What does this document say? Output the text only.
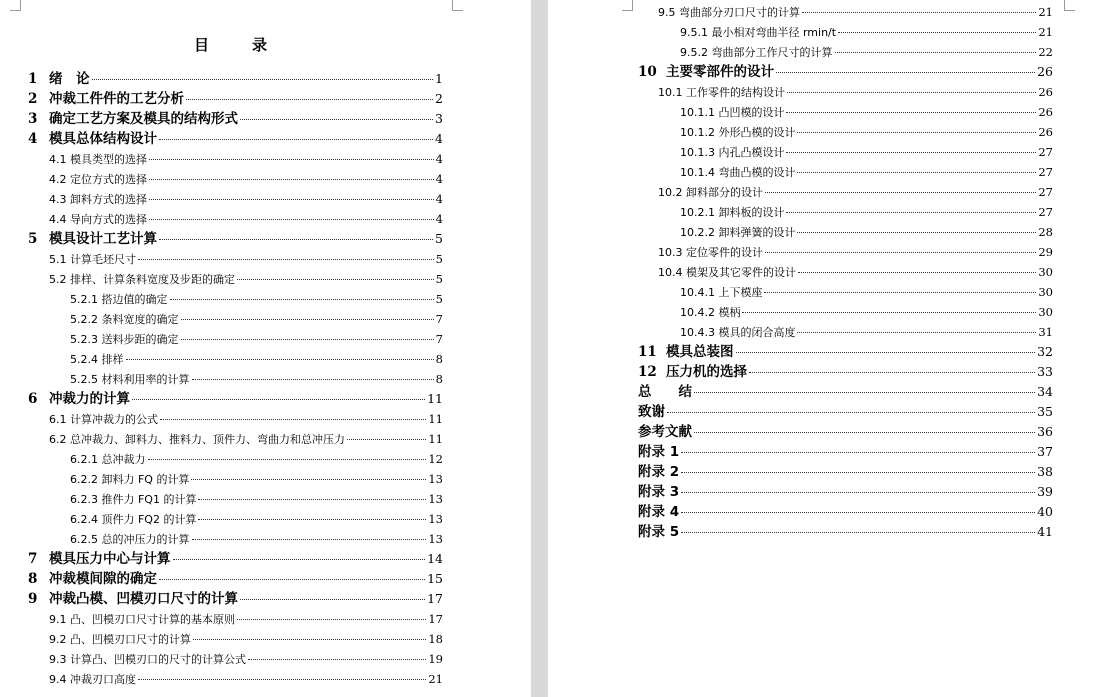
目　录
1 绪　论	1
2 冲裁工件件的工艺分析	2
3 确定工艺方案及模具的结构形式	3
4 模具总体结构设计	4
4.1 模具类型的选择	4
4.2 定位方式的选择	4
4.3 卸料方式的选择	4
4.4 导向方式的选择	4
5 模具设计工艺计算	5
5.1 计算毛坯尺寸	5
5.2 排样、计算条料宽度及步距的确定	5
5.2.1 搭边值的确定	5
5.2.2 条料宽度的确定	7
5.2.3 送料步距的确定	7
5.2.4 排样	8
5.2.5 材料利用率的计算	8
6 冲裁力的计算	11
6.1 计算冲裁力的公式	11
6.2 总冲裁力、卸料力、推料力、顶件力、弯曲力和总冲压力	11
6.2.1 总冲裁力	12
6.2.2 卸料力 FQ 的计算	13
6.2.3 推件力 FQ1 的计算	13
6.2.4 顶件力 FQ2 的计算	13
6.2.5 总的冲压力的计算	13
7 模具压力中心与计算	14
8 冲裁模间隙的确定	15
9 冲裁凸模、凹模刃口尺寸的计算	17
9.1 凸、凹模刃口尺寸计算的基本原则	17
9.2 凸、凹模刃口尺寸的计算	18
9.3 计算凸、凹模刃口的尺寸的计算公式	19
9.4 冲裁刃口高度	21
9.5 弯曲部分刃口尺寸的计算	21
9.5.1 最小相对弯曲半径 rmin/t	21
9.5.2 弯曲部分工作尺寸的计算	22
10 主要零部件的设计	26
10.1 工作零件的结构设计	26
10.1.1 凸凹模的设计	26
10.1.2 外形凸模的设计	26
10.1.3 内孔凸模设计	27
10.1.4 弯曲凸模的设计	27
10.2 卸料部分的设计	27
10.2.1 卸料板的设计	27
10.2.2 卸料弹簧的设计	28
10.3 定位零件的设计	29
10.4 模架及其它零件的设计	30
10.4.1 上下模座	30
10.4.2 模柄	30
10.4.3 模具的闭合高度	31
11 模具总装图	32
12 压力机的选择	33
总　　结	34
致谢	35
参考文献	36
附录 1	37
附录 2	38
附录 3	39
附录 4	40
附录 5	41
